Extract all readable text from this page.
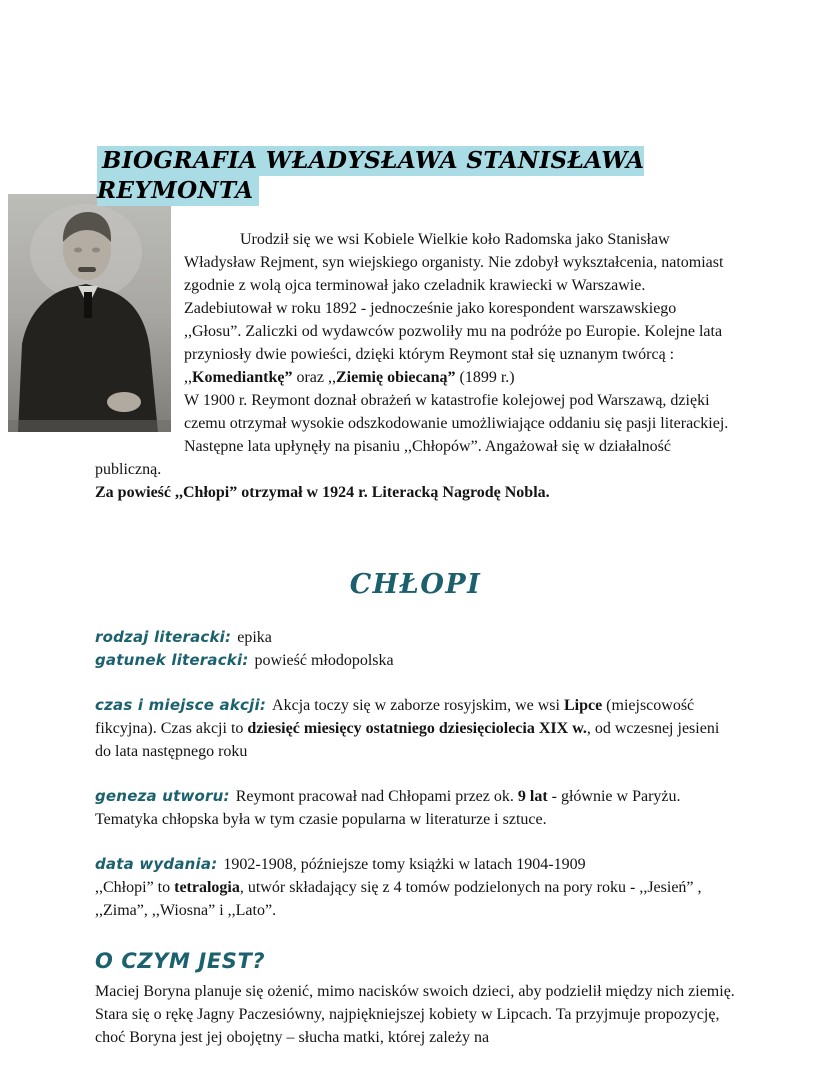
BIOGRAFIA WŁADYSŁAWA STANISŁAWA REYMONTA

Urodził się we wsi Kobiele Wielkie koło Radomska jako Stanisław Władysław Rejment, syn wiejskiego organisty. Nie zdobył wykształcenia, natomiast zgodnie z wolą ojca terminował jako czeladnik krawiecki w Warszawie. Zadebiutował w roku 1892 - jednocześnie jako korespondent warszawskiego ,,Głosu”. Zaliczki od wydawców pozwoliły mu na podróże po Europie. Kolejne lata przyniosły dwie powieści, dzięki którym Reymont stał się uznanym twórcą : ,,Komediantkę” oraz ,,Ziemię obiecaną” (1899 r.)

W 1900 r. Reymont doznał obrażeń w katastrofie kolejowej pod Warszawą, dzięki czemu otrzymał wysokie odszkodowanie umożliwiające oddaniu się pasji literackiej. Następne lata upłynęły na pisaniu ,,Chłopów”. Angażował się w działalność publiczną.

Za powieść ,,Chłopi” otrzymał w 1924 r. Literacką Nagrodę Nobla.

CHŁOPI

rodzaj literacki: epika

gatunek literacki: powieść młodopolska

czas i miejsce akcji: Akcja toczy się w zaborze rosyjskim, we wsi Lipce (miejscowość fikcyjna). Czas akcji to dziesięć miesięcy ostatniego dziesięciolecia XIX w., od wczesnej jesieni do lata następnego roku

geneza utworu: Reymont pracował nad Chłopami przez ok. 9 lat - głównie w Paryżu. Tematyka chłopska była w tym czasie popularna w literaturze i sztuce.

data wydania: 1902-1908, późniejsze tomy książki w latach 1904-1909

,,Chłopi” to tetralogia, utwór składający się z 4 tomów podzielonych na pory roku - ,,Jesień” , ,,Zima”, ,,Wiosna” i ,,Lato”.

O CZYM JEST?

Maciej Boryna planuje się ożenić, mimo nacisków swoich dzieci, aby podzielił między nich ziemię. Stara się o rękę Jagny Paczesiówny, najpiękniejszej kobiety w Lipcach. Ta przyjmuje propozycję, choć Boryna jest jej obojętny – słucha matki, której zależy na
